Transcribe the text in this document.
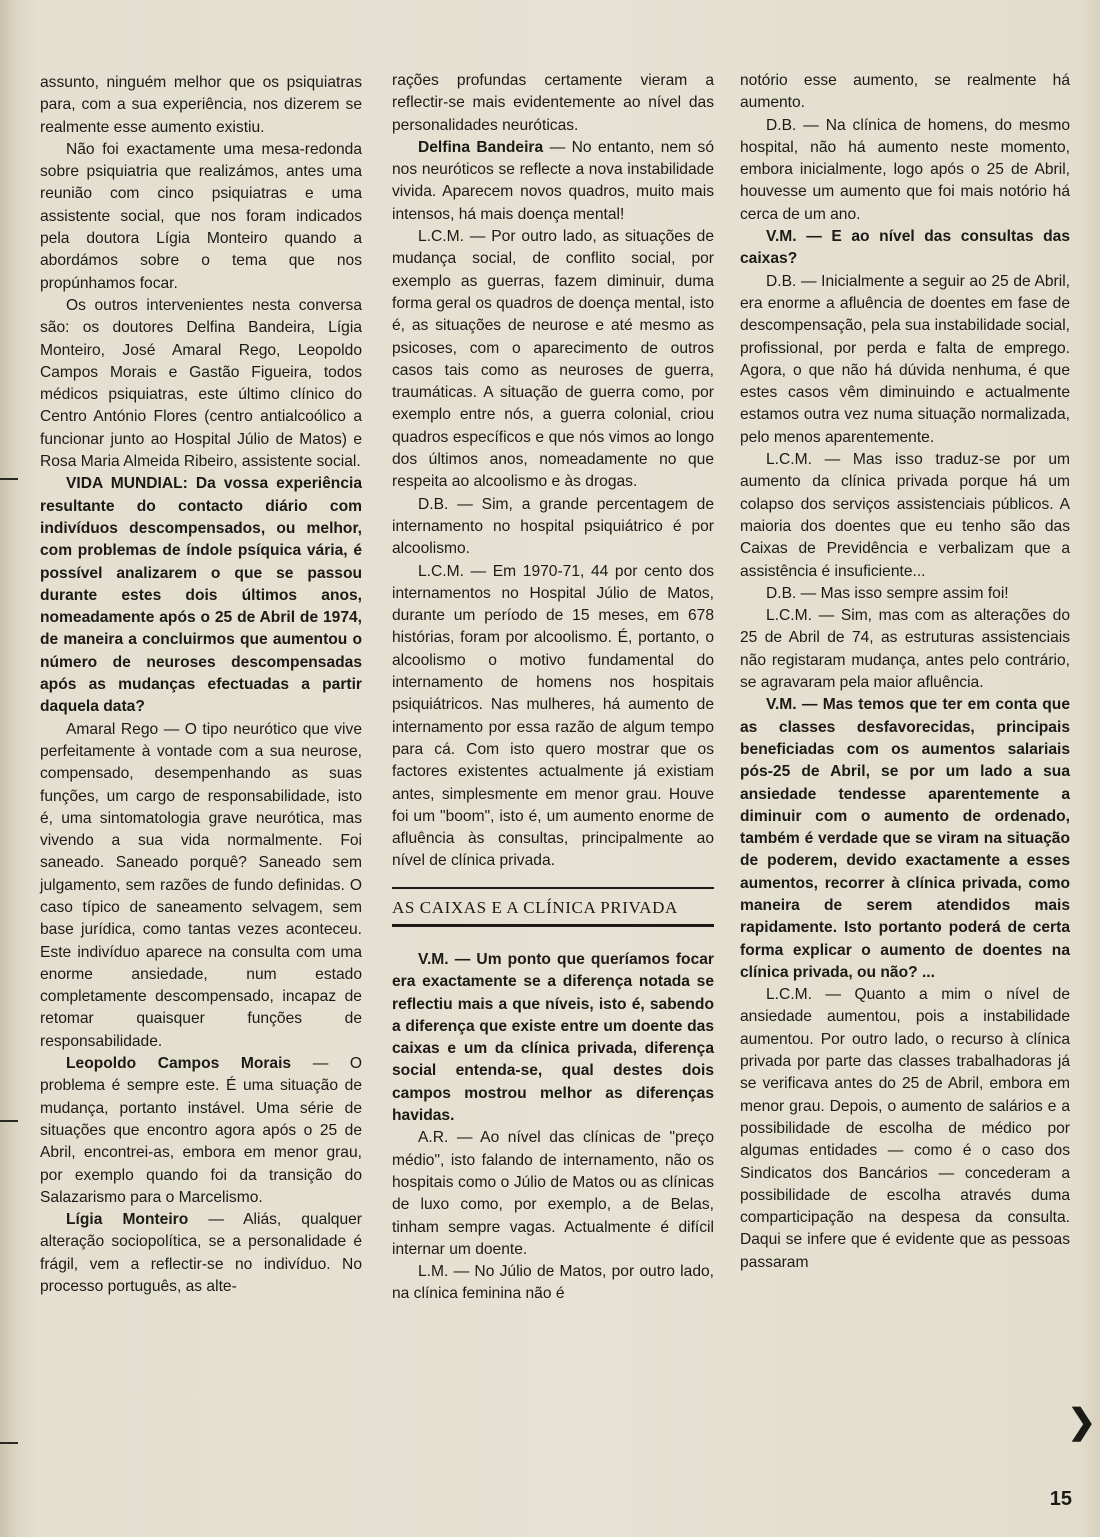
assunto, ninguém melhor que os psiquiatras para, com a sua experiência, nos dizerem se realmente esse aumento existiu.

Não foi exactamente uma mesa-redonda sobre psiquiatria que realizámos, antes uma reunião com cinco psiquiatras e uma assistente social, que nos foram indicados pela doutora Lígia Monteiro quando a abordámos sobre o tema que nos propúnhamos focar.

Os outros intervenientes nesta conversa são: os doutores Delfina Bandeira, Lígia Monteiro, José Amaral Rego, Leopoldo Campos Morais e Gastão Figueira, todos médicos psiquiatras, este último clínico do Centro António Flores (centro antialcoólico a funcionar junto ao Hospital Júlio de Matos) e Rosa Maria Almeida Ribeiro, assistente social.

VIDA MUNDIAL: Da vossa experiência resultante do contacto diário com indivíduos descompensados, ou melhor, com problemas de índole psíquica vária, é possível analizarem o que se passou durante estes dois últimos anos, nomeadamente após o 25 de Abril de 1974, de maneira a concluirmos que aumentou o número de neuroses descompensadas após as mudanças efectuadas a partir daquela data?

Amaral Rego — O tipo neurótico que vive perfeitamente à vontade com a sua neurose, compensado, desempenhando as suas funções, um cargo de responsabilidade, isto é, uma sintomatologia grave neurótica, mas vivendo a sua vida normalmente. Foi saneado. Saneado porquê? Saneado sem julgamento, sem razões de fundo definidas. O caso típico de saneamento selvagem, sem base jurídica, como tantas vezes aconteceu. Este indivíduo aparece na consulta com uma enorme ansiedade, num estado completamente descompensado, incapaz de retomar quaisquer funções de responsabilidade.

Leopoldo Campos Morais — O problema é sempre este. É uma situação de mudança, portanto instável. Uma série de situações que encontro agora após o 25 de Abril, encontrei-as, embora em menor grau, por exemplo quando foi da transição do Salazarismo para o Marcelismo.

Lígia Monteiro — Aliás, qualquer alteração sociopolítica, se a personalidade é frágil, vem a reflectir-se no indivíduo. No processo português, as alte-

rações profundas certamente vieram a reflectir-se mais evidentemente ao nível das personalidades neuróticas.

Delfina Bandeira — No entanto, nem só nos neuróticos se reflecte a nova instabilidade vivida. Aparecem novos quadros, muito mais intensos, há mais doença mental!

L.C.M. — Por outro lado, as situações de mudança social, de conflito social, por exemplo as guerras, fazem diminuir, duma forma geral os quadros de doença mental, isto é, as situações de neurose e até mesmo as psicoses, com o aparecimento de outros casos tais como as neuroses de guerra, traumáticas. A situação de guerra como, por exemplo entre nós, a guerra colonial, criou quadros específicos e que nós vimos ao longo dos últimos anos, nomeadamente no que respeita ao alcoolismo e às drogas.

D.B. — Sim, a grande percentagem de internamento no hospital psiquiátrico é por alcoolismo.

L.C.M. — Em 1970-71, 44 por cento dos internamentos no Hospital Júlio de Matos, durante um período de 15 meses, em 678 histórias, foram por alcoolismo. É, portanto, o alcoolismo o motivo fundamental do internamento de homens nos hospitais psiquiátricos. Nas mulheres, há aumento de internamento por essa razão de algum tempo para cá. Com isto quero mostrar que os factores existentes actualmente já existiam antes, simplesmente em menor grau. Houve foi um "boom", isto é, um aumento enorme de afluência às consultas, principalmente ao nível de clínica privada.

AS CAIXAS E A CLÍNICA PRIVADA

V.M. — Um ponto que queríamos focar era exactamente se a diferença notada se reflectiu mais a que níveis, isto é, sabendo a diferença que existe entre um doente das caixas e um da clínica privada, diferença social entenda-se, qual destes dois campos mostrou melhor as diferenças havidas.

A.R. — Ao nível das clínicas de "preço médio", isto falando de internamento, não os hospitais como o Júlio de Matos ou as clínicas de luxo como, por exemplo, a de Belas, tinham sempre vagas. Actualmente é difícil internar um doente.

L.M. — No Júlio de Matos, por outro lado, na clínica feminina não é

notório esse aumento, se realmente há aumento.

D.B. — Na clínica de homens, do mesmo hospital, não há aumento neste momento, embora inicialmente, logo após o 25 de Abril, houvesse um aumento que foi mais notório há cerca de um ano.

V.M. — E ao nível das consultas das caixas?

D.B. — Inicialmente a seguir ao 25 de Abril, era enorme a afluência de doentes em fase de descompensação, pela sua instabilidade social, profissional, por perda e falta de emprego. Agora, o que não há dúvida nenhuma, é que estes casos vêm diminuindo e actualmente estamos outra vez numa situação normalizada, pelo menos aparentemente.

L.C.M. — Mas isso traduz-se por um aumento da clínica privada porque há um colapso dos serviços assistenciais públicos. A maioria dos doentes que eu tenho são das Caixas de Previdência e verbalizam que a assistência é insuficiente...

D.B. — Mas isso sempre assim foi!

L.C.M. — Sim, mas com as alterações do 25 de Abril de 74, as estruturas assistenciais não registaram mudança, antes pelo contrário, se agravaram pela maior afluência.

V.M. — Mas temos que ter em conta que as classes desfavorecidas, principais beneficiadas com os aumentos salariais pós-25 de Abril, se por um lado a sua ansiedade tendesse aparentemente a diminuir com o aumento de ordenado, também é verdade que se viram na situação de poderem, devido exactamente a esses aumentos, recorrer à clínica privada, como maneira de serem atendidos mais rapidamente. Isto portanto poderá de certa forma explicar o aumento de doentes na clínica privada, ou não? ...

L.C.M. — Quanto a mim o nível de ansiedade aumentou, pois a instabilidade aumentou. Por outro lado, o recurso à clínica privada por parte das classes trabalhadoras já se verificava antes do 25 de Abril, embora em menor grau. Depois, o aumento de salários e a possibilidade de escolha de médico por algumas entidades — como é o caso dos Sindicatos dos Bancários — concederam a possibilidade de escolha através duma comparticipação na despesa da consulta. Daqui se infere que é evidente que as pessoas passaram

❯
15
